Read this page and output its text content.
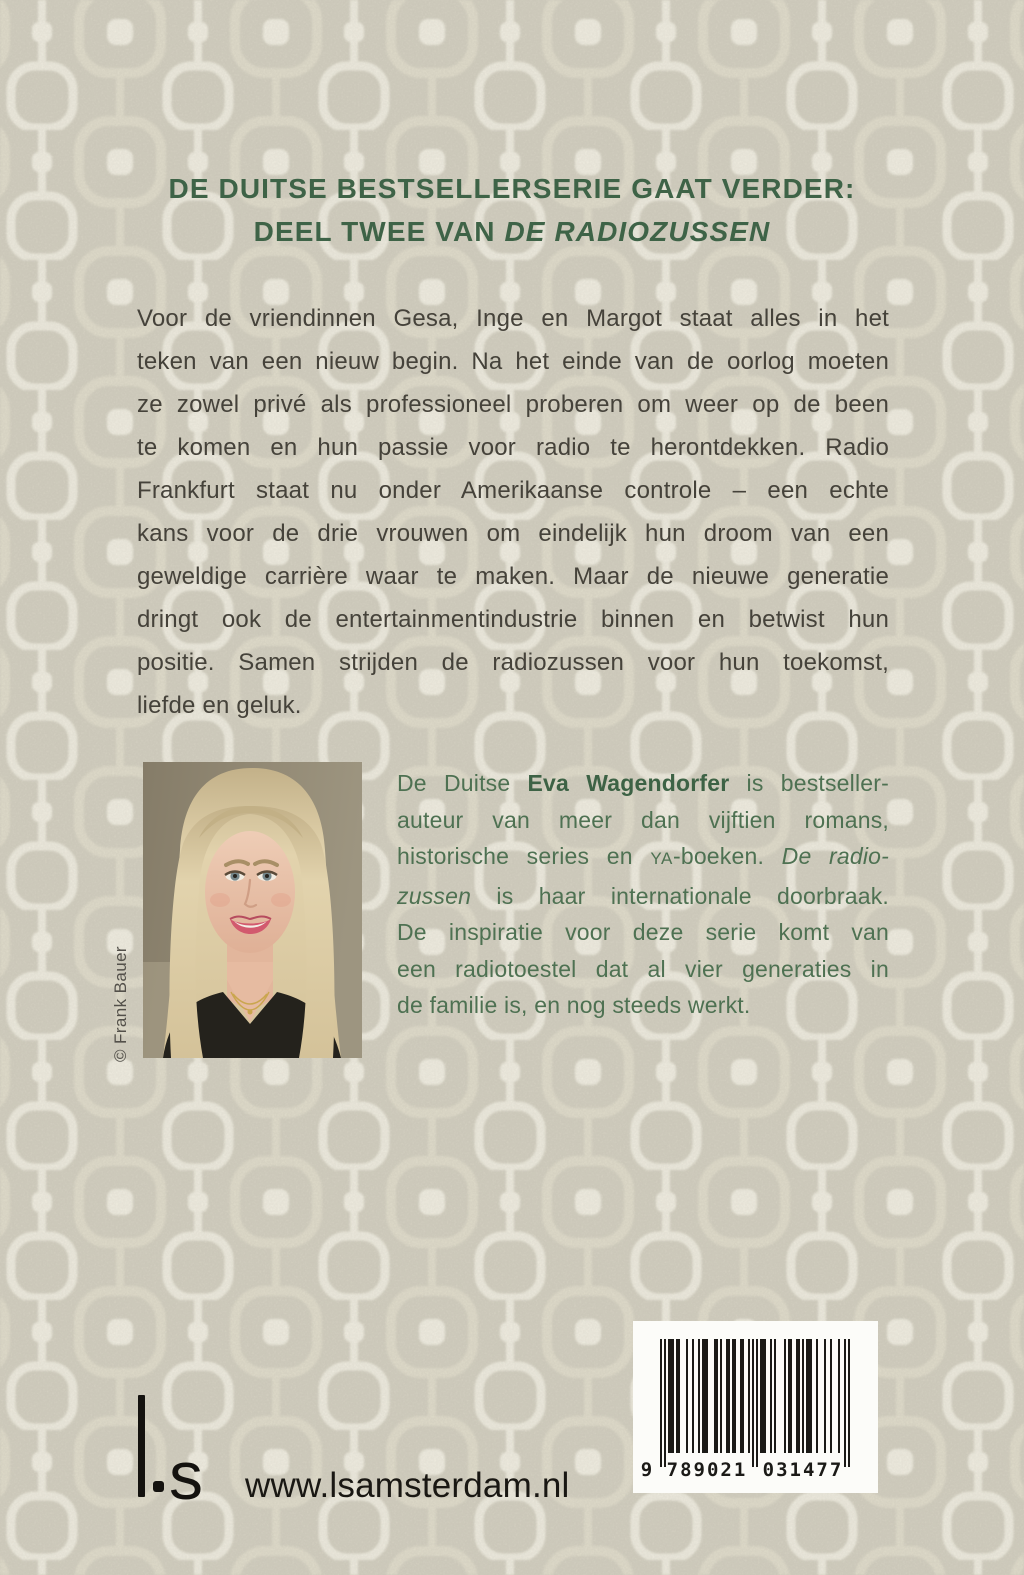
DE DUITSE BESTSELLERSERIE GAAT VERDER:
DEEL TWEE VAN DE RADIOZUSSEN
Voor de vriendinnen Gesa, Inge en Margot staat alles in het
teken van een nieuw begin. Na het einde van de oorlog moeten
ze zowel privé als professioneel proberen om weer op de been
te komen en hun passie voor radio te herontdekken. Radio
Frankfurt staat nu onder Amerikaanse controle – een echte
kans voor de drie vrouwen om eindelijk hun droom van een
geweldige carrière waar te maken. Maar de nieuwe generatie
dringt ook de entertainmentindustrie binnen en betwist hun
positie. Samen strijden de radiozussen voor hun toekomst,
liefde en geluk.
© Frank Bauer
De Duitse Eva Wagendorfer is bestseller-
auteur van meer dan vijftien romans,
historische series en YA-boeken. De radio-
zussen is haar internationale doorbraak.
De inspiratie voor deze serie komt van
een radiotoestel dat al vier generaties in
de familie is, en nog steeds werkt.
s www.lsamsterdam.nl	9 789021 031477
